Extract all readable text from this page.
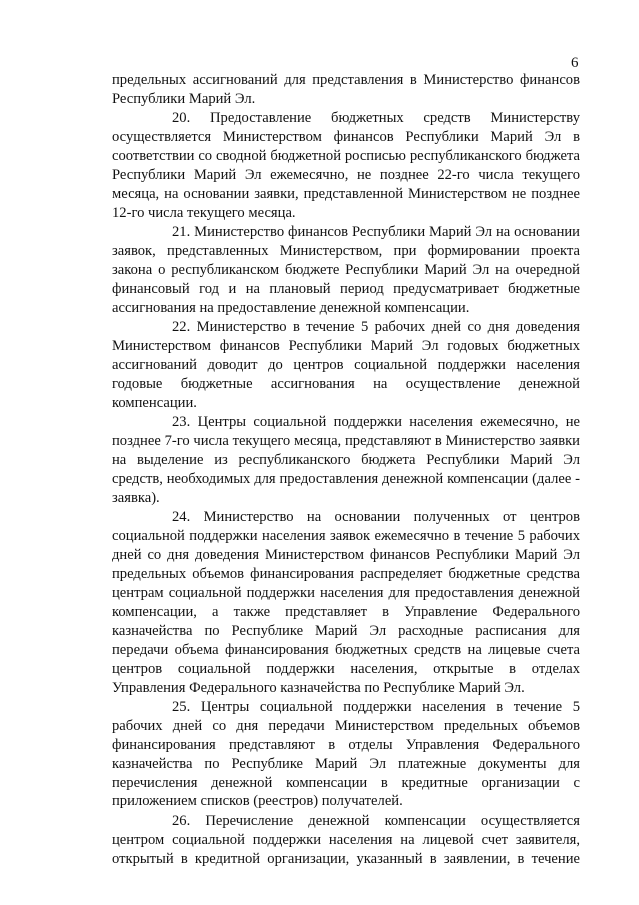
6

предельных ассигнований для представления в Министерство финансов Республики Марий Эл.

20. Предоставление бюджетных средств Министерству осуществляется Министерством финансов Республики Марий Эл в соответствии со сводной бюджетной росписью республиканского бюджета Республики Марий Эл ежемесячно, не позднее 22-го числа текущего месяца, на основании заявки, представленной Министерством не позднее 12-го числа текущего месяца.

21. Министерство финансов Республики Марий Эл на основании заявок, представленных Министерством, при формировании проекта закона о республиканском бюджете Республики Марий Эл на очередной финансовый год и на плановый период предусматривает бюджетные ассигнования на предоставление денежной компенсации.

22. Министерство в течение 5 рабочих дней со дня доведения Министерством финансов Республики Марий Эл годовых бюджетных ассигнований доводит до центров социальной поддержки населения годовые бюджетные ассигнования на осуществление денежной компенсации.

23. Центры социальной поддержки населения ежемесячно, не позднее 7-го числа текущего месяца, представляют в Министерство заявки на выделение из республиканского бюджета Республики Марий Эл средств, необходимых для предоставления денежной компенсации (далее - заявка).

24. Министерство на основании полученных от центров социальной поддержки населения заявок ежемесячно в течение 5 рабочих дней со дня доведения Министерством финансов Республики Марий Эл предельных объемов финансирования распределяет бюджетные средства центрам социальной поддержки населения для предоставления денежной компенсации, а также представляет в Управление Федерального казначейства по Республике Марий Эл расходные расписания для передачи объема финансирования бюджетных средств на лицевые счета центров социальной поддержки населения, открытые в отделах Управления Федерального казначейства по Республике Марий Эл.

25. Центры социальной поддержки населения в течение 5 рабочих дней со дня передачи Министерством предельных объемов финансирования представляют в отделы Управления Федерального казначейства по Республике Марий Эл платежные документы для перечисления денежной компенсации в кредитные организации с приложением списков (реестров) получателей.

26. Перечисление денежной компенсации осуществляется центром социальной поддержки населения на лицевой счет заявителя, открытый в кредитной организации, указанный в заявлении, в течение
